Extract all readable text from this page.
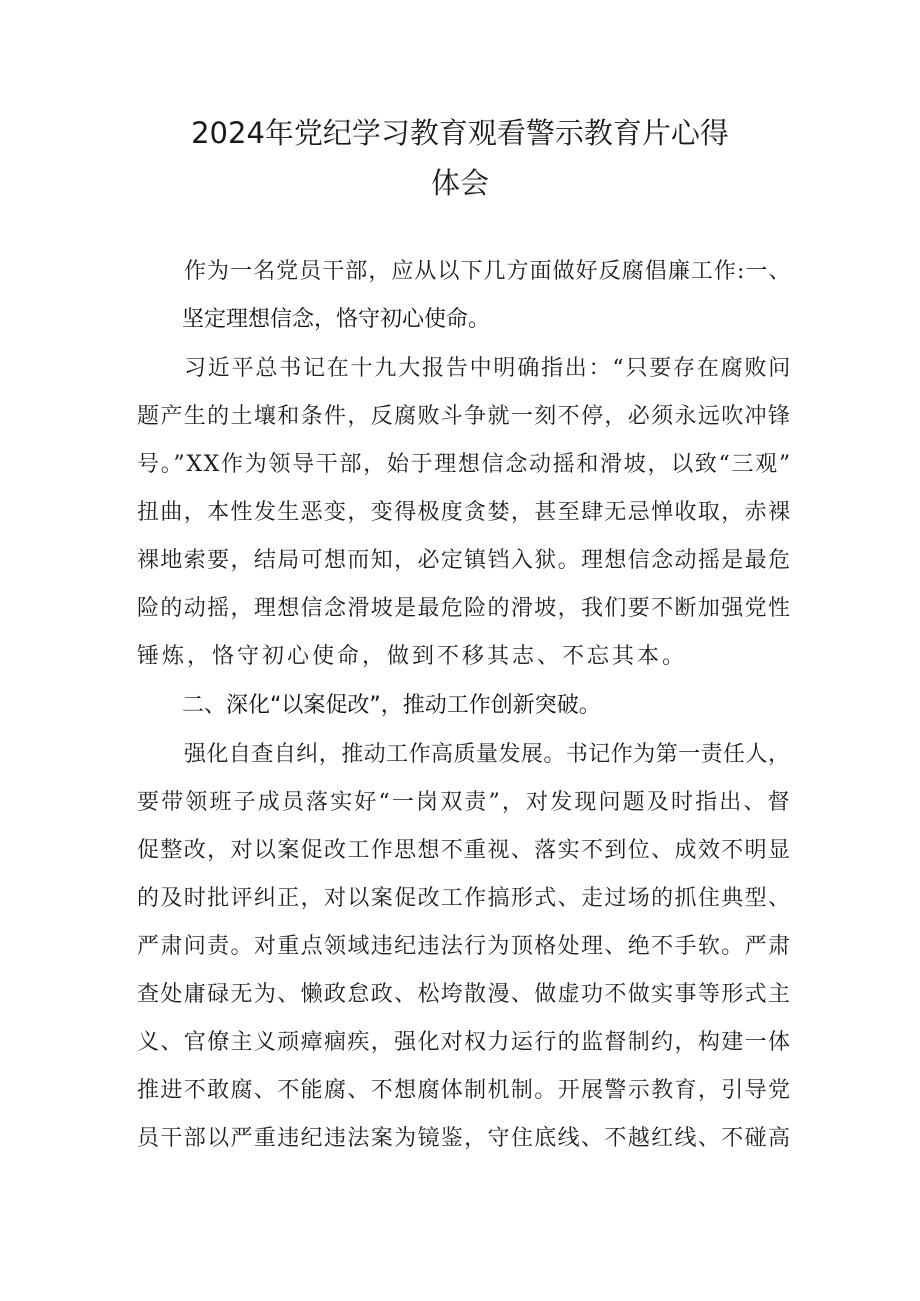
2024年党纪学习教育观看警示教育片心得
体会
作为一名党员干部，应从以下几方面做好反腐倡廉工作:一、
坚定理想信念，恪守初心使命。
习近平总书记在十九大报告中明确指出：“只要存在腐败问
题产生的土壤和条件，反腐败斗争就一刻不停，必须永远吹冲锋
号。”XX作为领导干部，始于理想信念动摇和滑坡，以致“三观”
扭曲，本性发生恶变，变得极度贪婪，甚至肆无忌惮收取，赤裸
裸地索要，结局可想而知，必定镇铛入狱。理想信念动摇是最危
险的动摇，理想信念滑坡是最危险的滑坡，我们要不断加强党性
锤炼，恪守初心使命，做到不移其志、不忘其本。
二、深化“以案促改”，推动工作创新突破。
强化自查自纠，推动工作高质量发展。书记作为第一责任人，
要带领班子成员落实好“一岗双责”，对发现问题及时指出、督
促整改，对以案促改工作思想不重视、落实不到位、成效不明显
的及时批评纠正，对以案促改工作搞形式、走过场的抓住典型、
严肃问责。对重点领域违纪违法行为顶格处理、绝不手软。严肃
查处庸碌无为、懒政怠政、松垮散漫、做虚功不做实事等形式主
义、官僚主义顽瘴痼疾，强化对权力运行的监督制约，构建一体
推进不敢腐、不能腐、不想腐体制机制。开展警示教育，引导党
员干部以严重违纪违法案为镜鉴，守住底线、不越红线、不碰高
